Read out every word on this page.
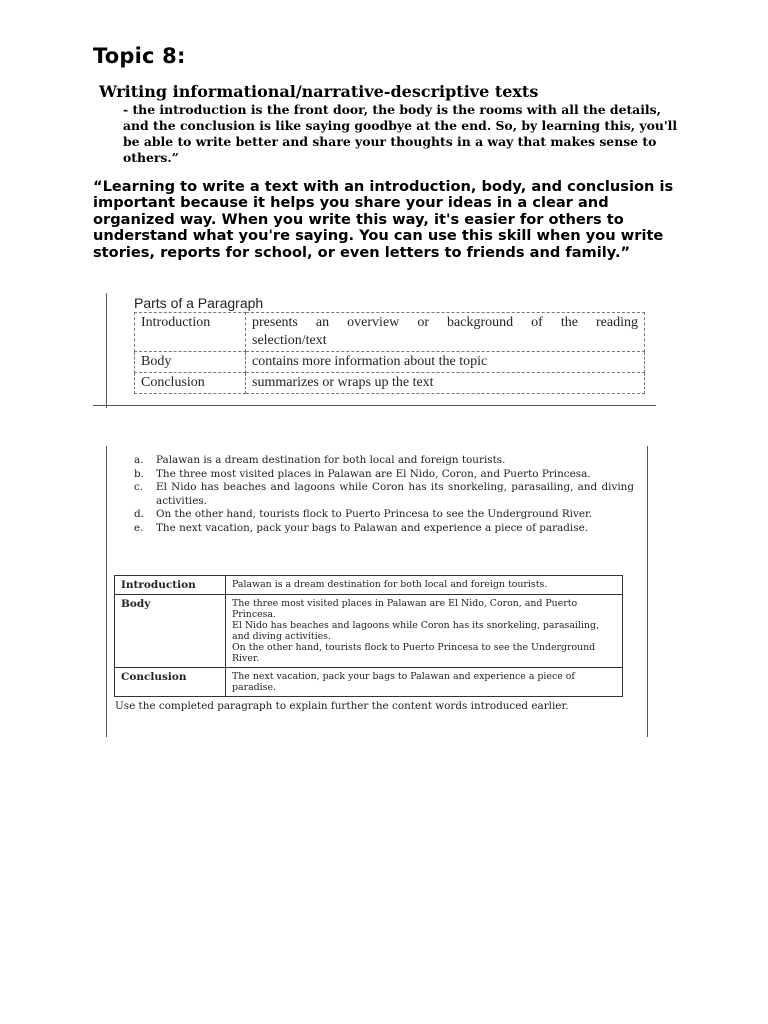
Topic 8:
Writing informational/narrative-descriptive texts

- the introduction is the front door, the body is the rooms with all the details, and the conclusion is like saying goodbye at the end. So, by learning this, you'll be able to write better and share your thoughts in a way that makes sense to others.”

“Learning to write a text with an introduction, body, and conclusion is important because it helps you share your ideas in a clear and organized way. When you write this way, it's easier for others to understand what you're saying. You can use this skill when you write stories, reports for school, or even letters to friends and family.”

Parts of a Paragraph
Introduction	presents an overview or background of the reading selection/text
Body	contains more information about the topic
Conclusion	summarizes or wraps up the text
a. Palawan is a dream destination for both local and foreign tourists.
b. The three most visited places in Palawan are El Nido, Coron, and Puerto Princesa.
c. El Nido has beaches and lagoons while Coron has its snorkeling, parasailing, and diving activities.
d. On the other hand, tourists flock to Puerto Princesa to see the Underground River.
e. The next vacation, pack your bags to Palawan and experience a piece of paradise.
Introduction	Palawan is a dream destination for both local and foreign tourists.
Body	The three most visited places in Palawan are El Nido, Coron, and Puerto Princesa.
El Nido has beaches and lagoons while Coron has its snorkeling, parasailing, and diving activities.
On the other hand, tourists flock to Puerto Princesa to see the Underground River.

Conclusion	The next vacation, pack your bags to Palawan and experience a piece of paradise.

Use the completed paragraph to explain further the content words introduced earlier.
